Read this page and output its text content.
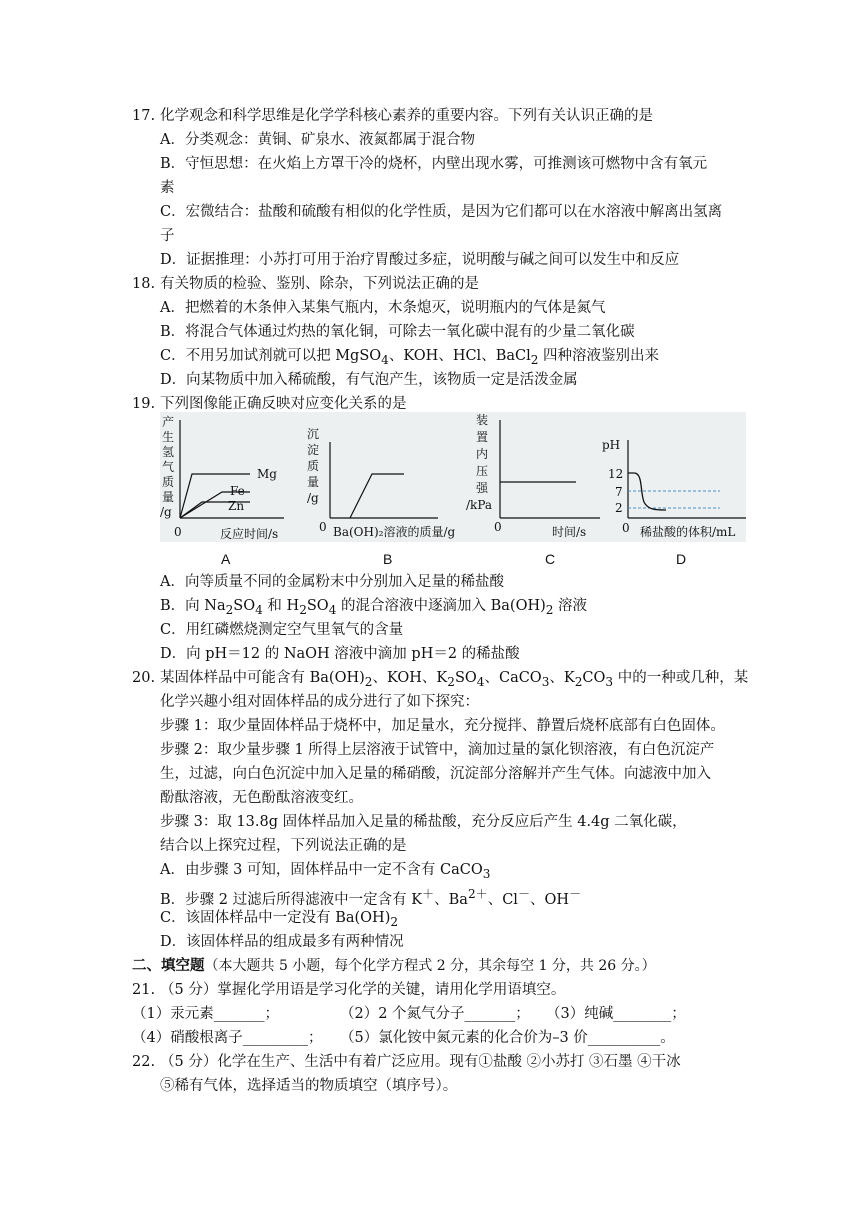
17. 化学观念和科学思维是化学学科核心素养的重要内容。下列有关认识正确的是
A．分类观念：黄铜、矿泉水、液氮都属于混合物
B．守恒思想：在火焰上方罩干冷的烧杯，内壁出现水雾，可推测该可燃物中含有氧元
素
C．宏微结合：盐酸和硫酸有相似的化学性质，是因为它们都可以在水溶液中解离出氢离
子
D．证据推理：小苏打可用于治疗胃酸过多症，说明酸与碱之间可以发生中和反应
18. 有关物质的检验、鉴别、除杂，下列说法正确的是
A．把燃着的木条伸入某集气瓶内，木条熄灭，说明瓶内的气体是氮气
B．将混合气体通过灼热的氧化铜，可除去一氧化碳中混有的少量二氧化碳
C．不用另加试剂就可以把 MgSO$_4$、KOH、HCl、BaCl$_2$ 四种溶液鉴别出来
D．向某物质中加入稀硫酸，有气泡产生，该物质一定是活泼金属
19. 下列图像能正确反映对应变化关系的是
产
生
氢
气
质
量
/g
Mg
Fe
Zn
0	反应时间/s
沉
淀
质
量
/g
0 Ba(OH)₂溶液的质量/g
装
置
内
压
强
/kPa
0	时间/s
pH
12
7
2
0 稀盐酸的体积/mL
A	B	C	D
A．向等质量不同的金属粉末中分别加入足量的稀盐酸
B．向 $Na_2SO_4$ 和 $H_2SO_4$ 的混合溶液中逐滴加入 $Ba(OH)_2$ 溶液
C．用红磷燃烧测定空气里氧气的含量
D．向 pH＝12 的 NaOH 溶液中滴加 pH＝2 的稀盐酸
20. 某固体样品中可能含有 $Ba(OH)_2$、KOH、$K_2SO_4$、CaCO$_3$、$K_2CO_3$ 中的一种或几种，某
化学兴趣小组对固体样品的成分进行了如下探究：
步骤 1：取少量固体样品于烧杯中，加足量水，充分搅拌、静置后烧杯底部有白色固体。
步骤 2：取少量步骤 1 所得上层溶液于试管中，滴加过量的氯化钡溶液，有白色沉淀产
生，过滤，向白色沉淀中加入足量的稀硝酸，沉淀部分溶解并产生气体。向滤液中加入
酚酞溶液，无色酚酞溶液变红。
步骤 3：取 13.8g 固体样品加入足量的稀盐酸，充分反应后产生 4.4g 二氧化碳，
结合以上探究过程，下列说法正确的是
A．由步骤 3 可知，固体样品中一定不含有 CaCO$_3$
B．步骤 2 过滤后所得滤液中一定含有 K＋、$Ba^{2+}$、Cl－、OH－
C．该固体样品中一定没有 $Ba(OH)_2$
D．该固体样品的组成最多有两种情况
二、填空题（本大题共 5 小题，每个化学方程式 2 分，其余每空 1 分，共 26 分。）
21. （5 分）掌握化学用语是学习化学的关键，请用化学用语填空。
（1）汞元素_______；	（2）2 个氮气分子_______； （3）纯碱________；
（4）硝酸根离子_________； （5）氯化铵中氮元素的化合价为–3 价__________。
22. （5 分）化学在生产、生活中有着广泛应用。现有①盐酸 ②小苏打 ③石墨 ④干冰
⑤稀有气体，选择适当的物质填空（填序号）。
